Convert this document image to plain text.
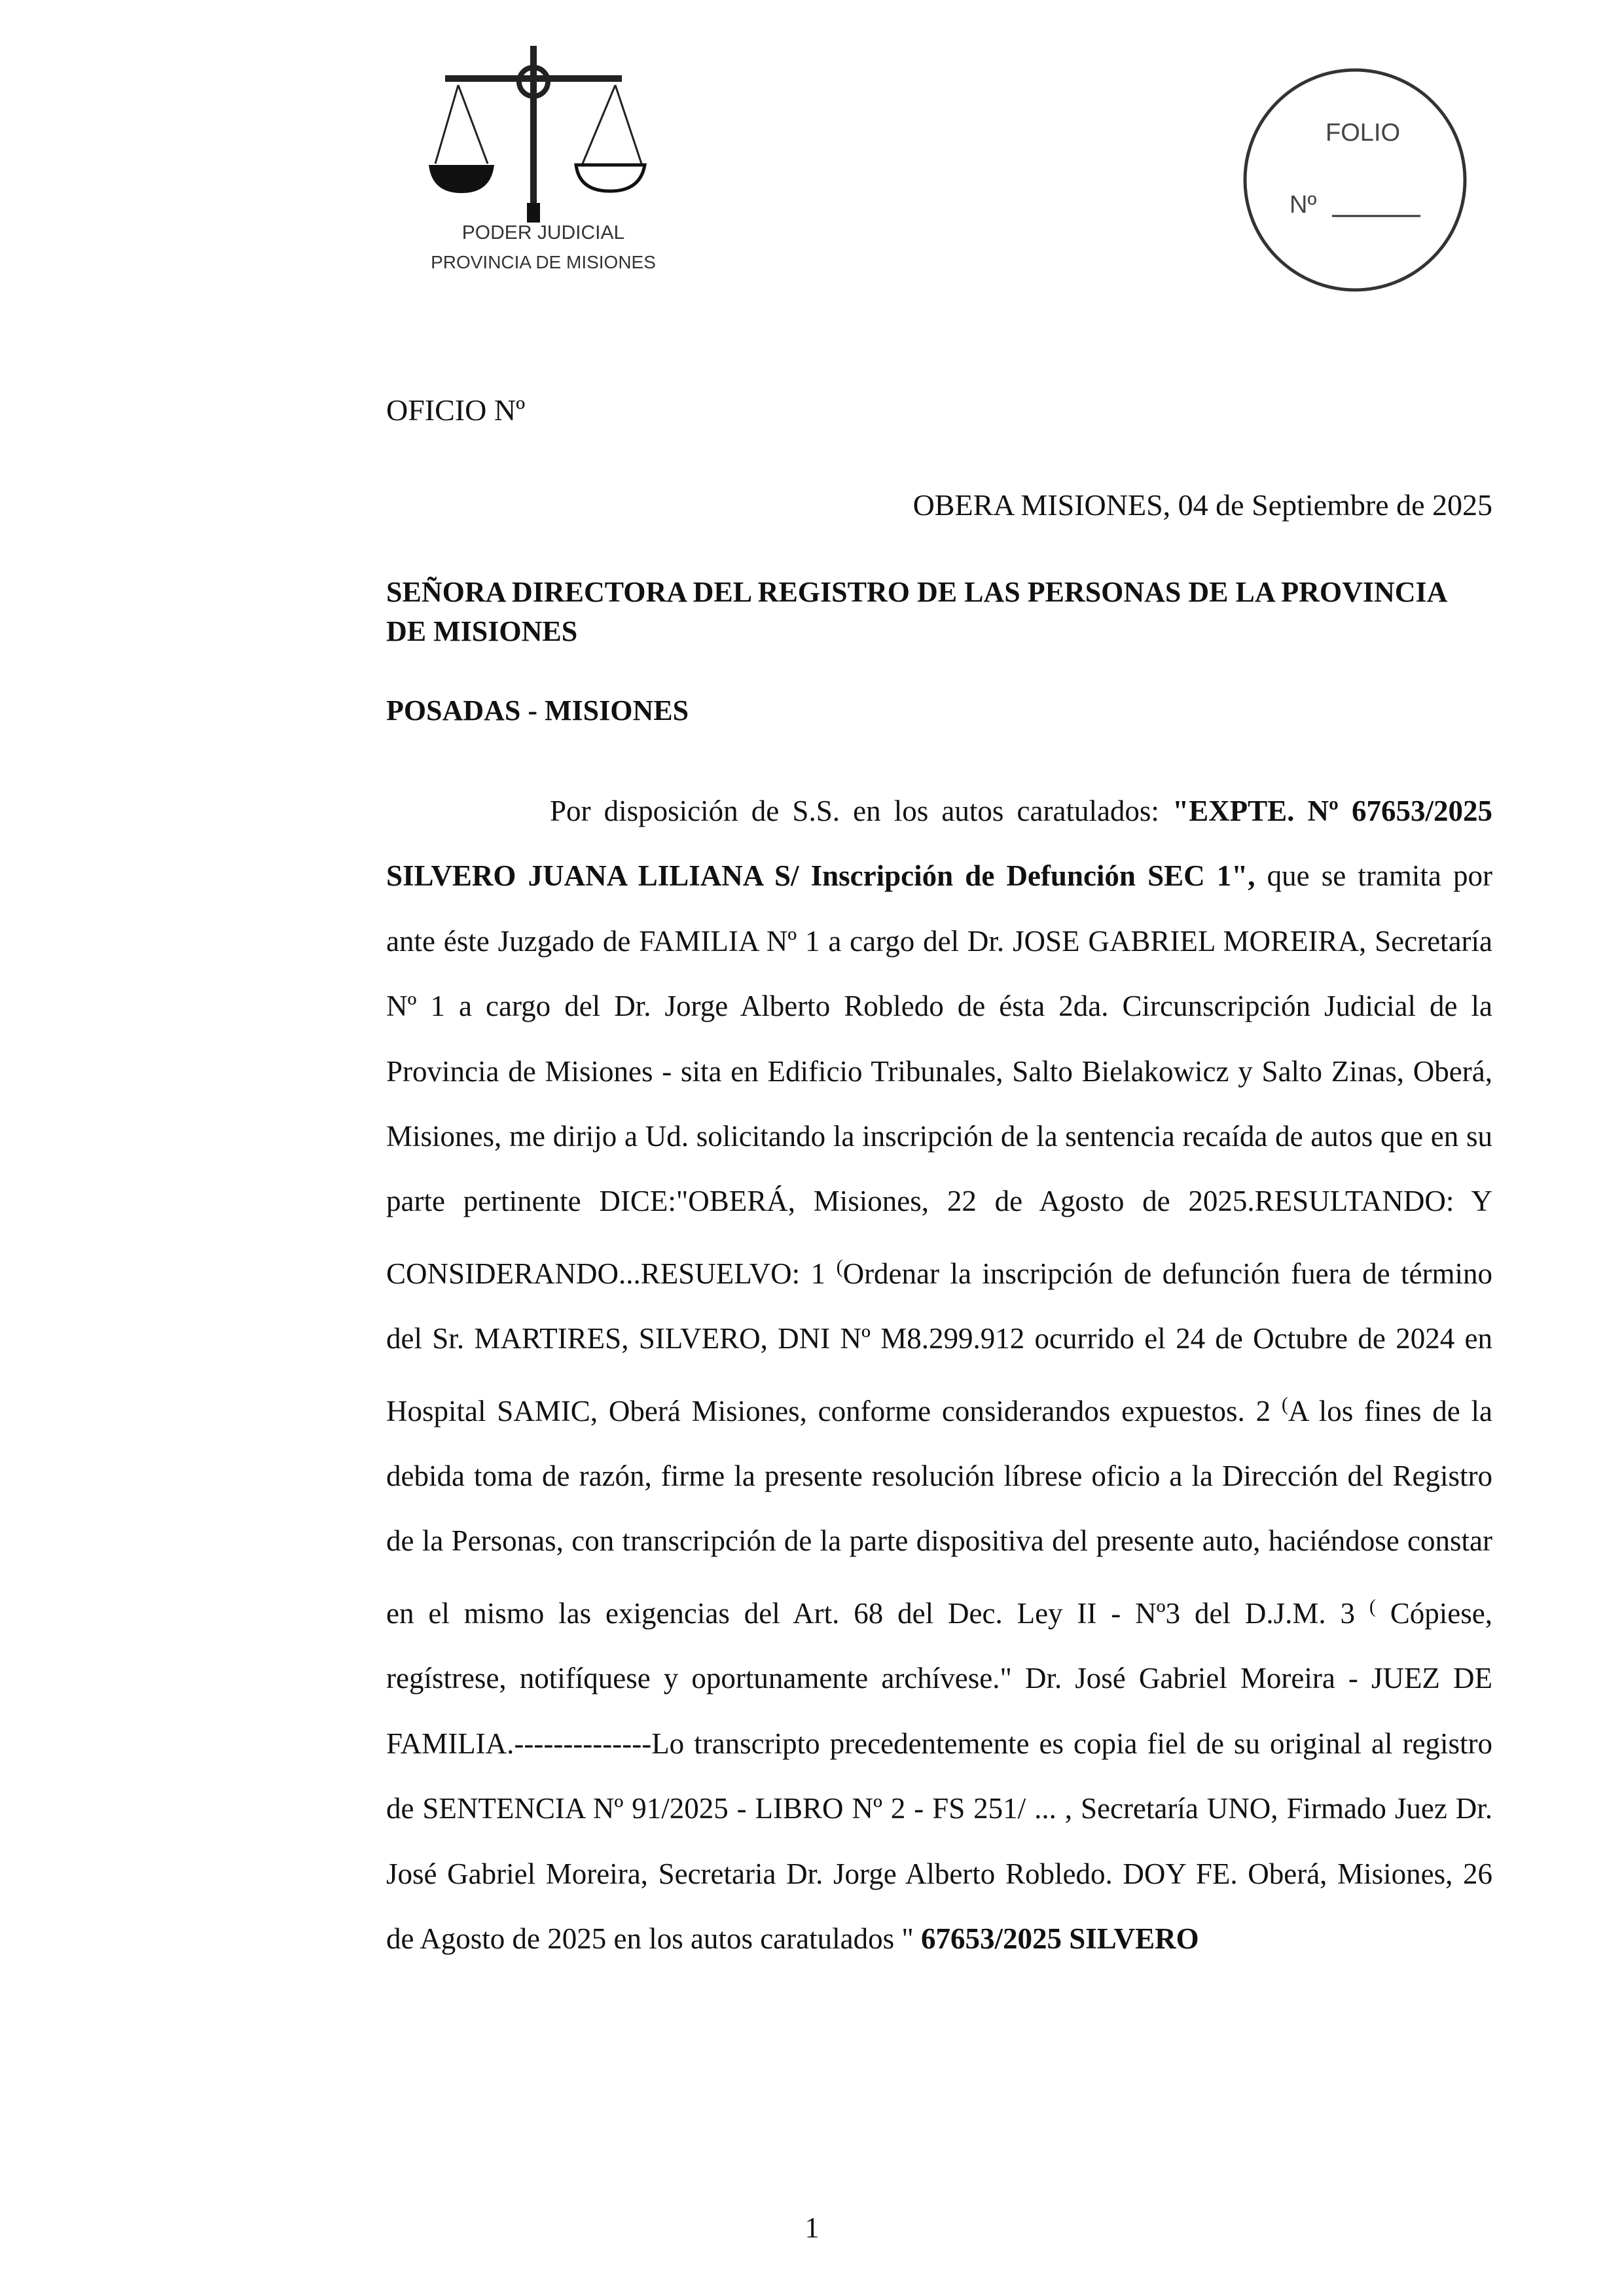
PODER JUDICIAL
PROVINCIA DE MISIONES
FOLIO
Nº
OFICIO Nº
OBERA MISIONES, 04 de Septiembre de 2025
SEÑORA DIRECTORA DEL REGISTRO DE LAS PERSONAS DE LA PROVINCIA DE MISIONES
POSADAS - MISIONES

Por disposición de S.S. en los autos caratulados: "EXPTE. Nº 67653/2025 SILVERO JUANA LILIANA S/ Inscripción de Defunción SEC 1", que se tramita por ante éste Juzgado de FAMILIA Nº 1 a cargo del Dr. JOSE GABRIEL MOREIRA, Secretaría Nº 1 a cargo del Dr. Jorge Alberto Robledo de ésta 2da. Circunscripción Judicial de la Provincia de Misiones - sita en Edificio Tribunales, Salto Bielakowicz y Salto Zinas, Oberá, Misiones, me dirijo a Ud. solicitando la inscripción de la sentencia recaída de autos que en su parte pertinente DICE:"OBERÁ, Misiones, 22 de Agosto de 2025.RESULTANDO: Y CONSIDERANDO...RESUELVO: 1 (Ordenar la inscripción de defunción fuera de término del Sr. MARTIRES, SILVERO, DNI Nº M8.299.912 ocurrido el 24 de Octubre de 2024 en Hospital SAMIC, Oberá Misiones, conforme considerandos expuestos. 2 (A los fines de la debida toma de razón, firme la presente resolución líbrese oficio a la Dirección del Registro de la Personas, con transcripción de la parte dispositiva del presente auto, haciéndose constar en el mismo las exigencias del Art. 68 del Dec. Ley II - Nº3 del D.J.M. 3 ( Cópiese, regístrese, notifíquese y oportunamente archívese." Dr. José Gabriel Moreira - JUEZ DE FAMILIA.--------------Lo transcripto precedentemente es copia fiel de su original al registro de SENTENCIA Nº 91/2025 - LIBRO Nº 2 - FS 251/ ... , Secretaría UNO, Firmado Juez Dr. José Gabriel Moreira, Secretaria Dr. Jorge Alberto Robledo. DOY FE. Oberá, Misiones, 26 de Agosto de 2025 en los autos caratulados " 67653/2025 SILVERO

1
